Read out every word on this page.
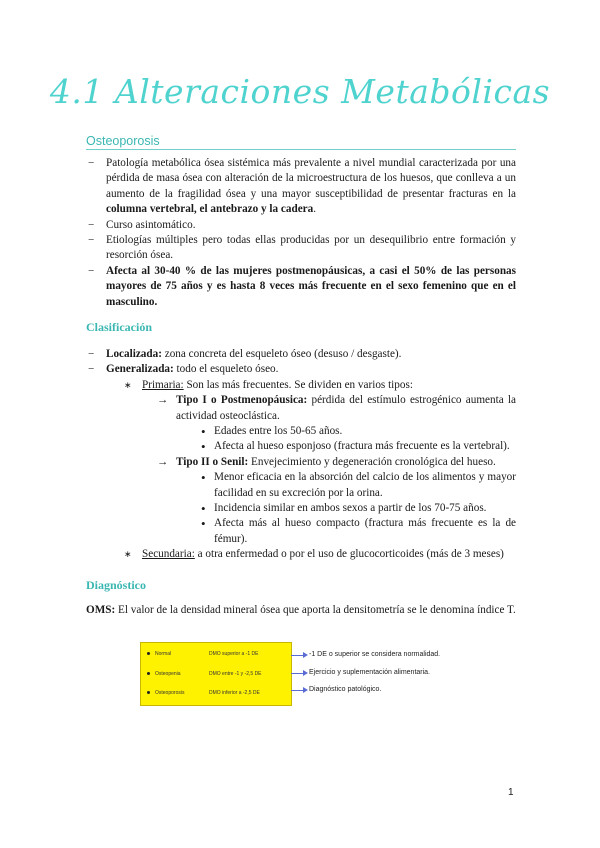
4.1 Alteraciones Metabólicas
Osteoporosis
− Patología metabólica ósea sistémica más prevalente a nivel mundial caracterizada por una pérdida de masa ósea con alteración de la microestructura de los huesos, que conlleva a un aumento de la fragilidad ósea y una mayor susceptibilidad de presentar fracturas en la columna vertebral, el antebrazo y la cadera.
− Curso asintomático.
− Etiologías múltiples pero todas ellas producidas por un desequilibrio entre formación y resorción ósea.
− Afecta al 30-40 % de las mujeres postmenopáusicas, a casi el 50% de las personas mayores de 75 años y es hasta 8 veces más frecuente en el sexo femenino que en el masculino.
Clasificación
− Localizada: zona concreta del esqueleto óseo (desuso / desgaste).
− Generalizada: todo el esqueleto óseo.
∗ Primaria: Son las más frecuentes. Se dividen en varios tipos:
→ Tipo I o Postmenopáusica: pérdida del estímulo estrogénico aumenta la actividad osteoclástica.
• Edades entre los 50-65 años.
• Afecta al hueso esponjoso (fractura más frecuente es la vertebral).
→ Tipo II o Senil: Envejecimiento y degeneración cronológica del hueso.
• Menor eficacia en la absorción del calcio de los alimentos y mayor facilidad en su excreción por la orina.
• Incidencia similar en ambos sexos a partir de los 70-75 años.
• Afecta más al hueso compacto (fractura más frecuente es la de fémur).
∗ Secundaria: a otra enfermedad o por el uso de glucocorticoides (más de 3 meses)
Diagnóstico
OMS: El valor de la densidad mineral ósea que aporta la densitometría se le denomina índice T.
Normal	DMO superior a -1 DE
Osteopenia	DMO entre -1 y -2,5 DE
Osteoporosis	DMO inferior a -2,5 DE
-1 DE o superior se considera normalidad.
Ejercicio y suplementación alimentaria.
Diagnóstico patológico.
1
